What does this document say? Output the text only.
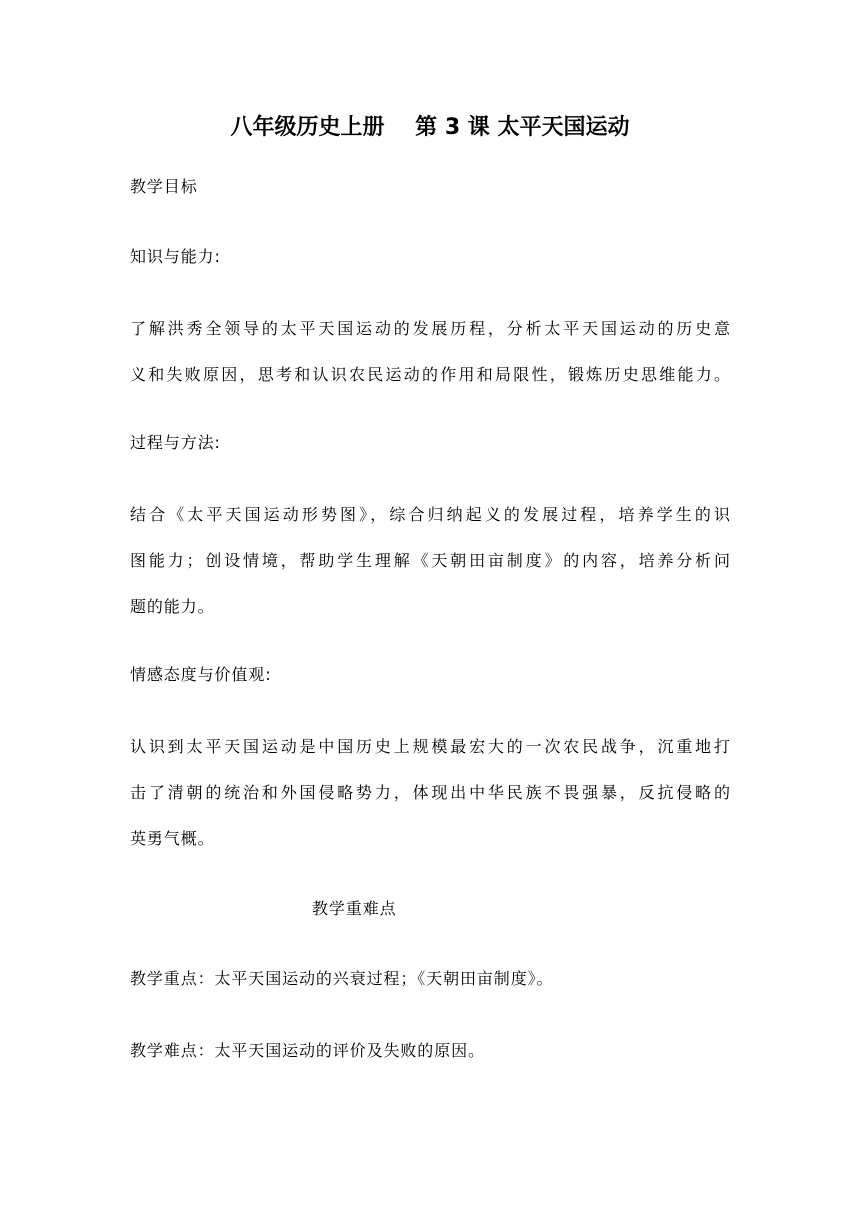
八年级历史上册    第 3 课 太平天国运动
教学目标
知识与能力:
了解洪秀全领导的太平天国运动的发展历程，分析太平天国运动的历史意
义和失败原因，思考和认识农民运动的作用和局限性，锻炼历史思维能力。
过程与方法:
结合《太平天国运动形势图》，综合归纳起义的发展过程，培养学生的识
图能力；创设情境，帮助学生理解《天朝田亩制度》的内容，培养分析问
题的能力。
情感态度与价值观:
认识到太平天国运动是中国历史上规模最宏大的一次农民战争，沉重地打
击了清朝的统治和外国侵略势力，体现出中华民族不畏强暴，反抗侵略的
英勇气概。
教学重难点
教学重点：太平天国运动的兴衰过程；《天朝田亩制度》。
教学难点：太平天国运动的评价及失败的原因。
